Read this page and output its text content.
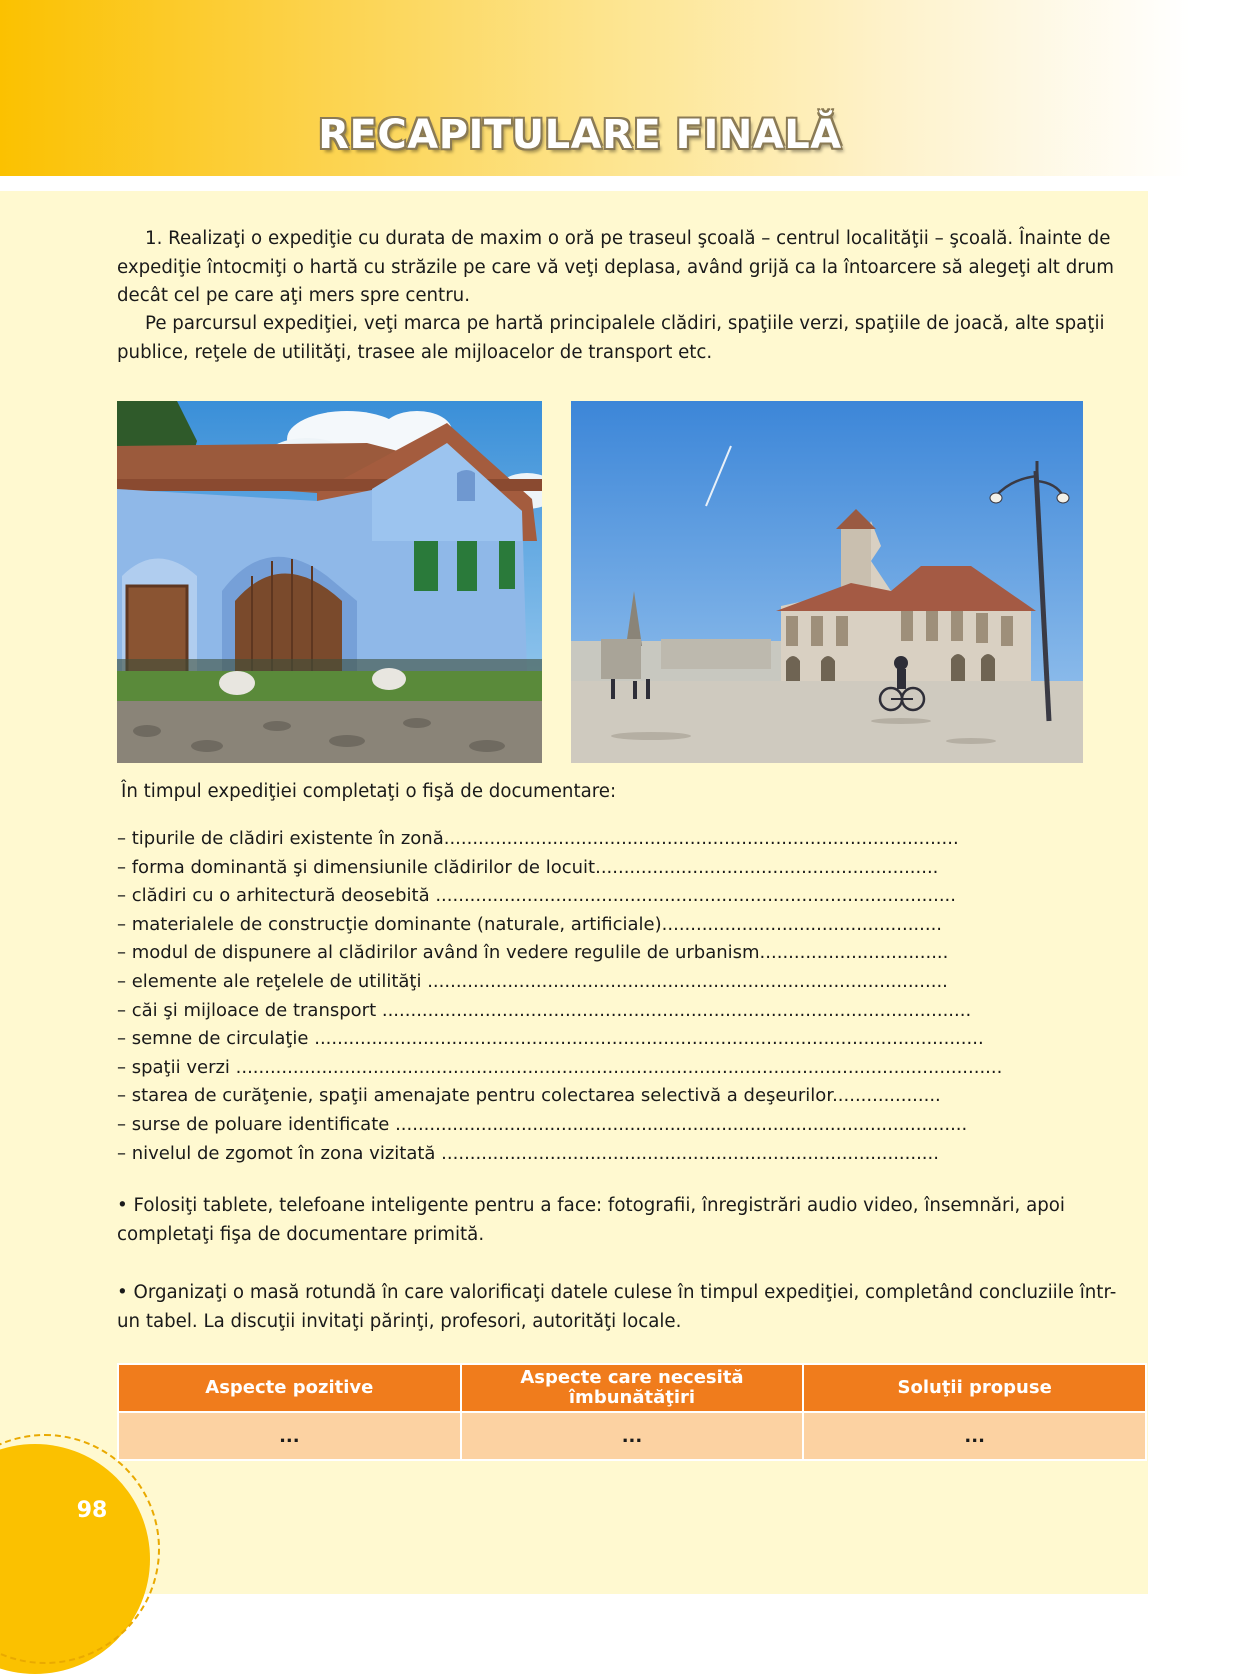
RECAPITULARE FINALĂ

1. Realizaţi o expediţie cu durata de maxim o oră pe traseul şcoală – centrul localităţii – şcoală. Înainte de expediţie întocmiţi o hartă cu străzile pe care vă veţi deplasa, având grijă ca la întoarcere să alegeţi alt drum decât cel pe care aţi mers spre centru.

Pe parcursul expediţiei, veţi marca pe hartă principalele clădiri, spaţiile verzi, spaţiile de joacă, alte spaţii publice, reţele de utilităţi, trasee ale mijloacelor de transport etc.

În timpul expediţiei completaţi o fişă de documentare:

– tipurile de clădiri existente în zonă..........................................................................................
– forma dominantă şi dimensiunile clădirilor de locuit............................................................
– clădiri cu o arhitectură deosebită ...........................................................................................
– materialele de construcţie dominante (naturale, artificiale).................................................
– modul de dispunere al clădirilor având în vedere regulile de urbanism.................................
– elemente ale reţelele de utilităţi ...........................................................................................
– căi şi mijloace de transport .......................................................................................................
– semne de circulaţie .....................................................................................................................
– spaţii verzi ......................................................................................................................................
– starea de curăţenie, spaţii amenajate pentru colectarea selectivă a deşeurilor...................
– surse de poluare identificate ....................................................................................................
– nivelul de zgomot în zona vizitată .......................................................................................

• Folosiţi tablete, telefoane inteligente pentru a face: fotografii, înregistrări audio video, însemnări, apoi completaţi fişa de documentare primită.

• Organizaţi o masă rotundă în care valorificaţi datele culese în timpul expediţiei, completând concluziile într-un tabel. La discuţii invitaţi părinţi, profesori, autorităţi locale.

Aspecte pozitive	Aspecte care necesită îmbunătăţiri	Soluţii propuse
...	...	...
98
